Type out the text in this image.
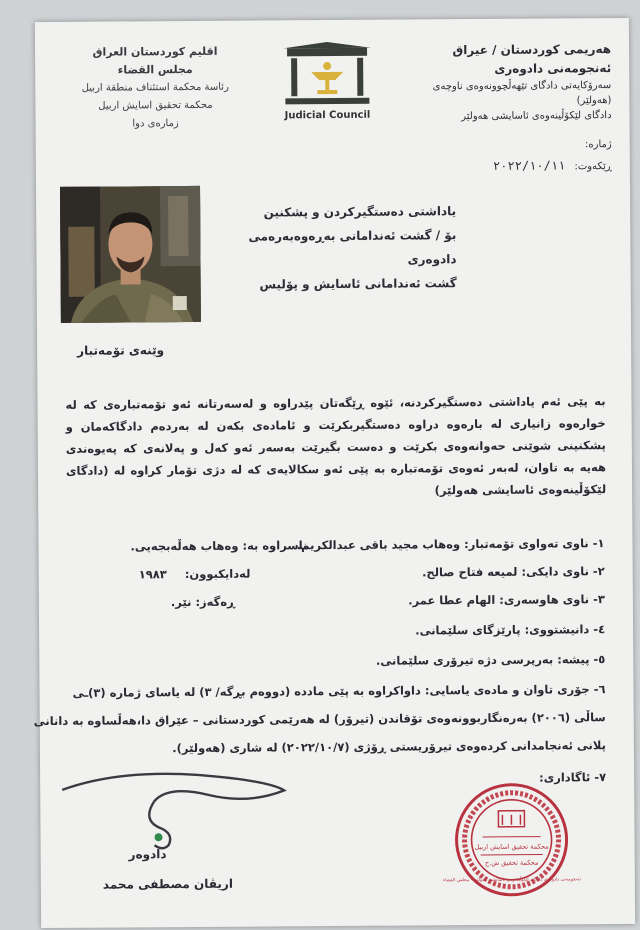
اقليم كوردستان العراق
مجلس القضاء
رئاسة محكمة استئناف منطقة اربيل
محكمة تحقيق اسايش اربيل
زمارەی دوا
Judicial Council
هەریمی کوردستان / عیراق
ئەنجومەنی دادوەری
سەرۆکایەتی دادگای تێهەڵچوونەوەی ناوچەی (هەولێر)
دادگای لێکۆڵینەوەی ئاسایشی هەولێر
ژمارە:
ڕێکەوت: ٢٠٢٢/١٠/١١
وێنەی تۆمەتبار
یاداشتی دەستگیرکردن و پشکنین
بۆ / گشت ئەندامانی بەڕەوەبەرەمی دادوەری
گشت ئەندامانی ئاسایش و پۆلیس
بە پێی ئەم یاداشتی دەستگیرکردنە، ئێوە ڕێگەتان پێدراوە و لەسەرتانە ئەو تۆمەتبارەی کە لە خوارەوە زانیاری لە بارەوە دراوە دەستگیربکرێت و ئامادەی بکەن لە بەردەم دادگاکەمان و پشکنینی شوێنی حەوانەوەی بکرێت و دەست بگیرێت بەسەر ئەو کەل و پەلانەی کە پەیوەندی هەیە بە تاوان، لەبەر ئەوەی تۆمەتبارە بە پێی ئەو سکالایەی کە لە دژی تۆمار کراوە لە (دادگای لێکۆڵینەوەی ئاسایشی هەولێر)
١- ناوی تەواوی تۆمەتبار: وەهاب مجید باقی عبدالكريم.
ناسراوە بە: وەهاب هەڵەبجەیی.
٢- ناوی دایکی: لميعه فتاح صالح.
لەدایکبوون: ١٩٨٣
٣- ناوی هاوسەری: الهام عطا عمر.
ڕەگەز: نێر.
٤- دانیشتووی: پارێزگای سلێمانی.
٥- پیشە: بەرپرسی دژە تیرۆری سلێمانی.
٦- جۆری تاوان و مادەی یاسایی: داواکراوە بە پێی مادده (دووەم بڕگە/ ٣) لە یاسای ژمارە (٣)ـی
ساڵی (٢٠٠٦) بەرەنگاربوونەوەی تۆقاندن (تیرۆر) لە هەرێمی کوردستانی – عێراق دا،هەڵساوە بە دانانی
پلانی ئەنجامدانی کردەوەی تیرۆریستی ڕۆژی (٢٠٢٢/١٠/٧) لە شاری (هەولێر).
٧- ئاگاداری:
دادوەر
اریڤان مصطفى محمد
محكمة تحقيق اسايش اربيل
محكمة تحقيق ش.ح
ئەنجومەنی دادوەری دادگای لێکۆڵینەوەی ئاسایشی هەولێر • مجلس القضاء
